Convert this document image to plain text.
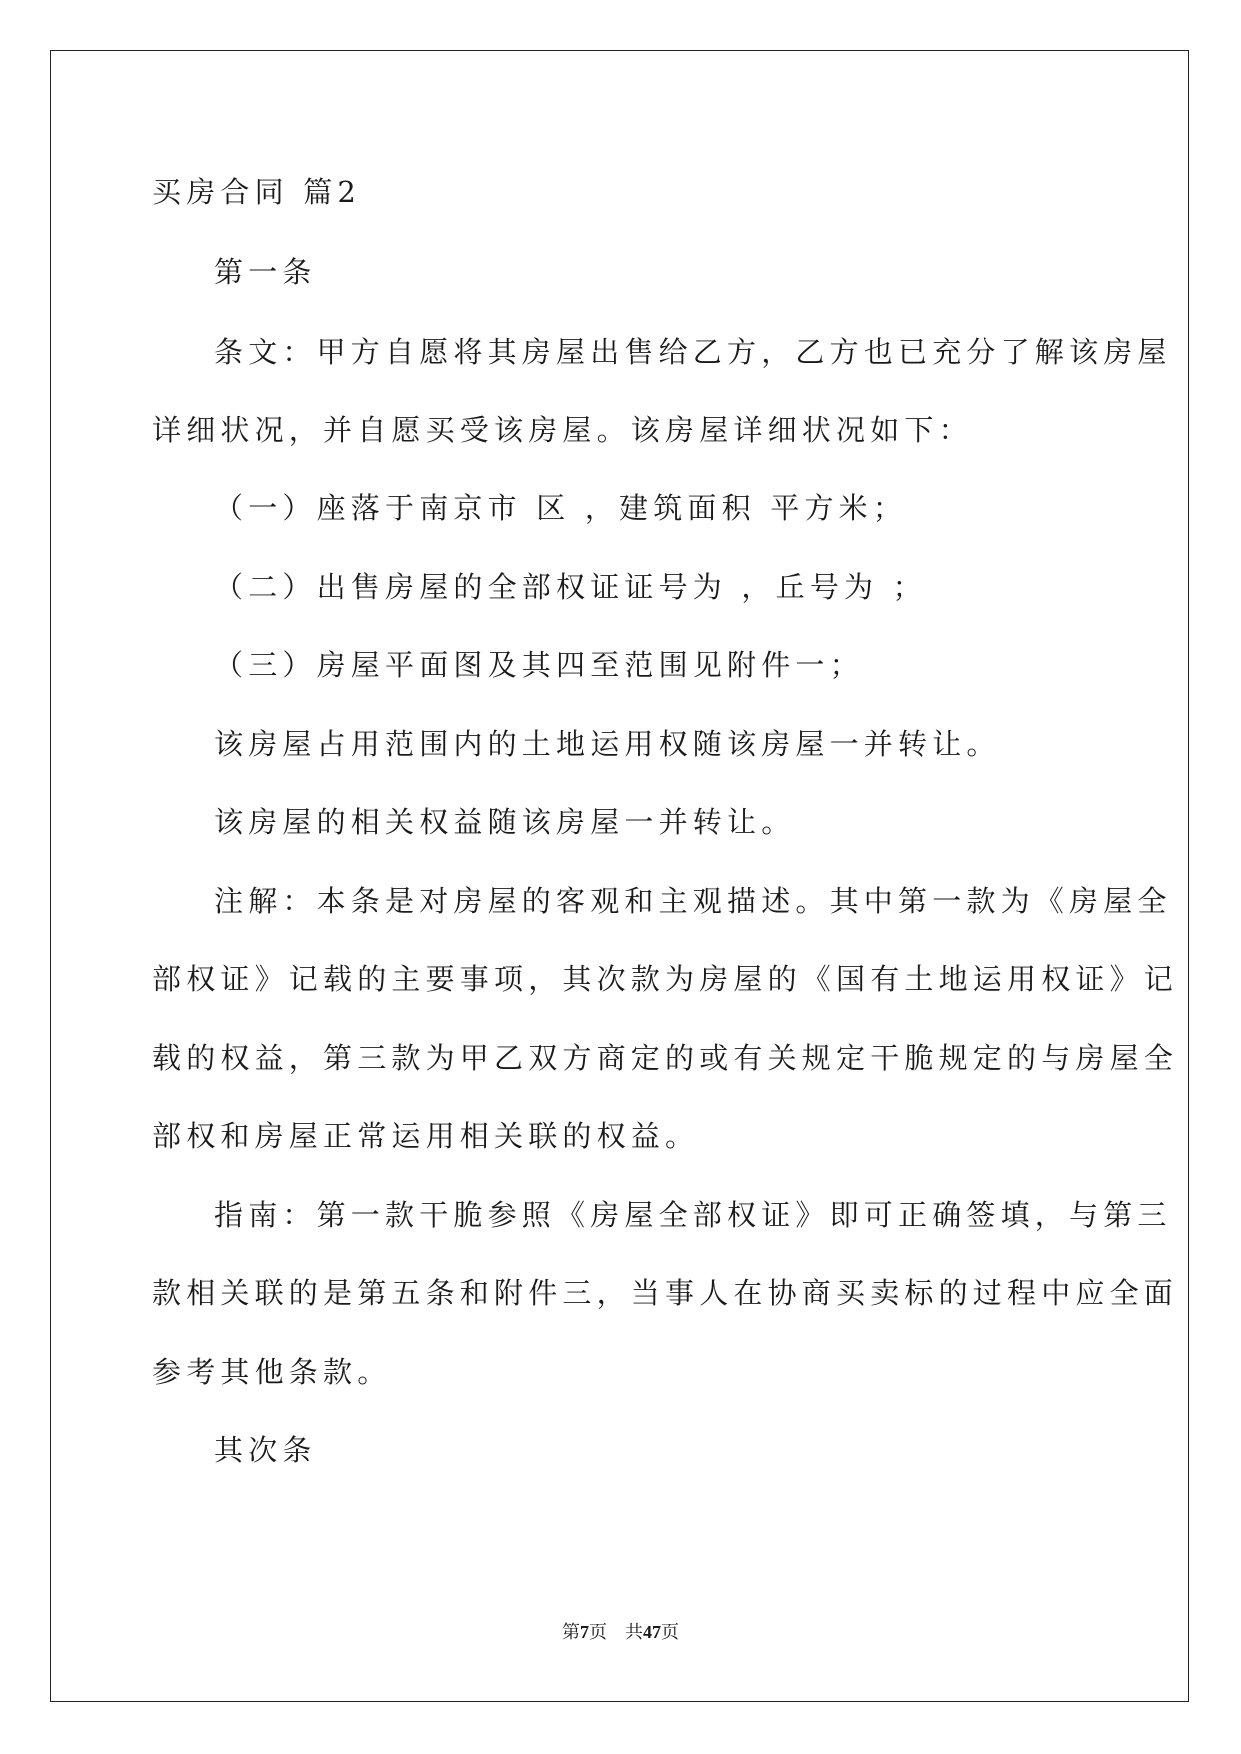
买房合同 篇2
第一条
条文：甲方自愿将其房屋出售给乙方，乙方也已充分了解该房屋
详细状况，并自愿买受该房屋。该房屋详细状况如下：
（一）座落于南京市 区 ，建筑面积 平方米；
（二）出售房屋的全部权证证号为 ，丘号为 ；
（三）房屋平面图及其四至范围见附件一；
该房屋占用范围内的土地运用权随该房屋一并转让。
该房屋的相关权益随该房屋一并转让。
注解：本条是对房屋的客观和主观描述。其中第一款为《房屋全
部权证》记载的主要事项，其次款为房屋的《国有土地运用权证》记
载的权益，第三款为甲乙双方商定的或有关规定干脆规定的与房屋全
部权和房屋正常运用相关联的权益。
指南：第一款干脆参照《房屋全部权证》即可正确签填，与第三
款相关联的是第五条和附件三，当事人在协商买卖标的过程中应全面
参考其他条款。
其次条
第7页 共47页
